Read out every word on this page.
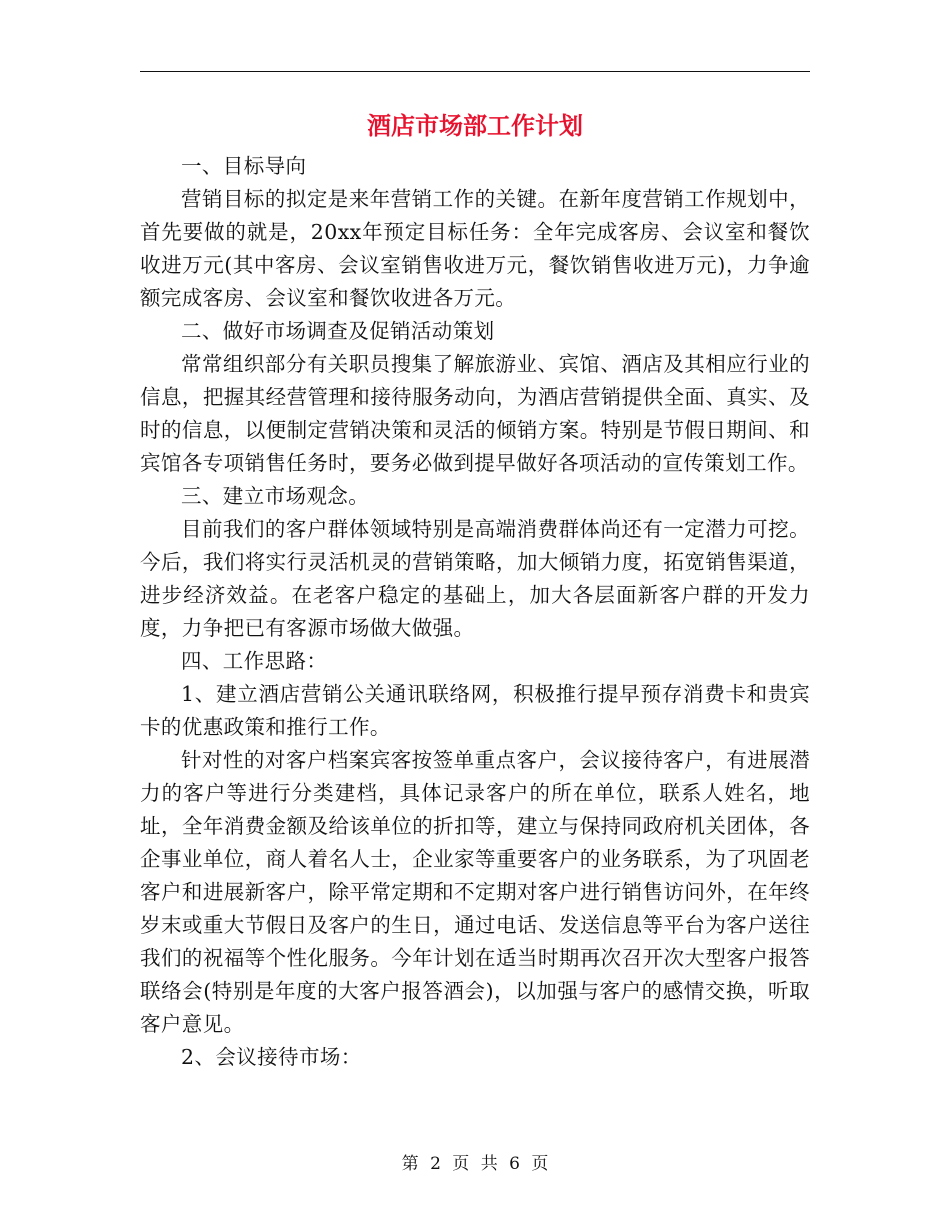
酒店市场部工作计划

一、目标导向

营销目标的拟定是来年营销工作的关键。在新年度营销工作规划中，首先要做的就是，20xx年预定目标任务：全年完成客房、会议室和餐饮收进万元(其中客房、会议室销售收进万元，餐饮销售收进万元)，力争逾额完成客房、会议室和餐饮收进各万元。

二、做好市场调查及促销活动策划

常常组织部分有关职员搜集了解旅游业、宾馆、酒店及其相应行业的信息，把握其经营管理和接待服务动向，为酒店营销提供全面、真实、及时的信息，以便制定营销决策和灵活的倾销方案。特别是节假日期间、和宾馆各专项销售任务时，要务必做到提早做好各项活动的宣传策划工作。

三、建立市场观念。

目前我们的客户群体领域特别是高端消费群体尚还有一定潜力可挖。今后，我们将实行灵活机灵的营销策略，加大倾销力度，拓宽销售渠道，进步经济效益。在老客户稳定的基础上，加大各层面新客户群的开发力度，力争把已有客源市场做大做强。

四、工作思路：

1、建立酒店营销公关通讯联络网，积极推行提早预存消费卡和贵宾卡的优惠政策和推行工作。

针对性的对客户档案宾客按签单重点客户，会议接待客户，有进展潜力的客户等进行分类建档，具体记录客户的所在单位，联系人姓名，地址，全年消费金额及给该单位的折扣等，建立与保持同政府机关团体，各企事业单位，商人着名人士，企业家等重要客户的业务联系，为了巩固老客户和进展新客户，除平常定期和不定期对客户进行销售访问外，在年终岁末或重大节假日及客户的生日，通过电话、发送信息等平台为客户送往我们的祝福等个性化服务。今年计划在适当时期再次召开次大型客户报答联络会(特别是年度的大客户报答酒会)，以加强与客户的感情交换，听取客户意见。

2、会议接待市场：

第 2 页 共 6 页
